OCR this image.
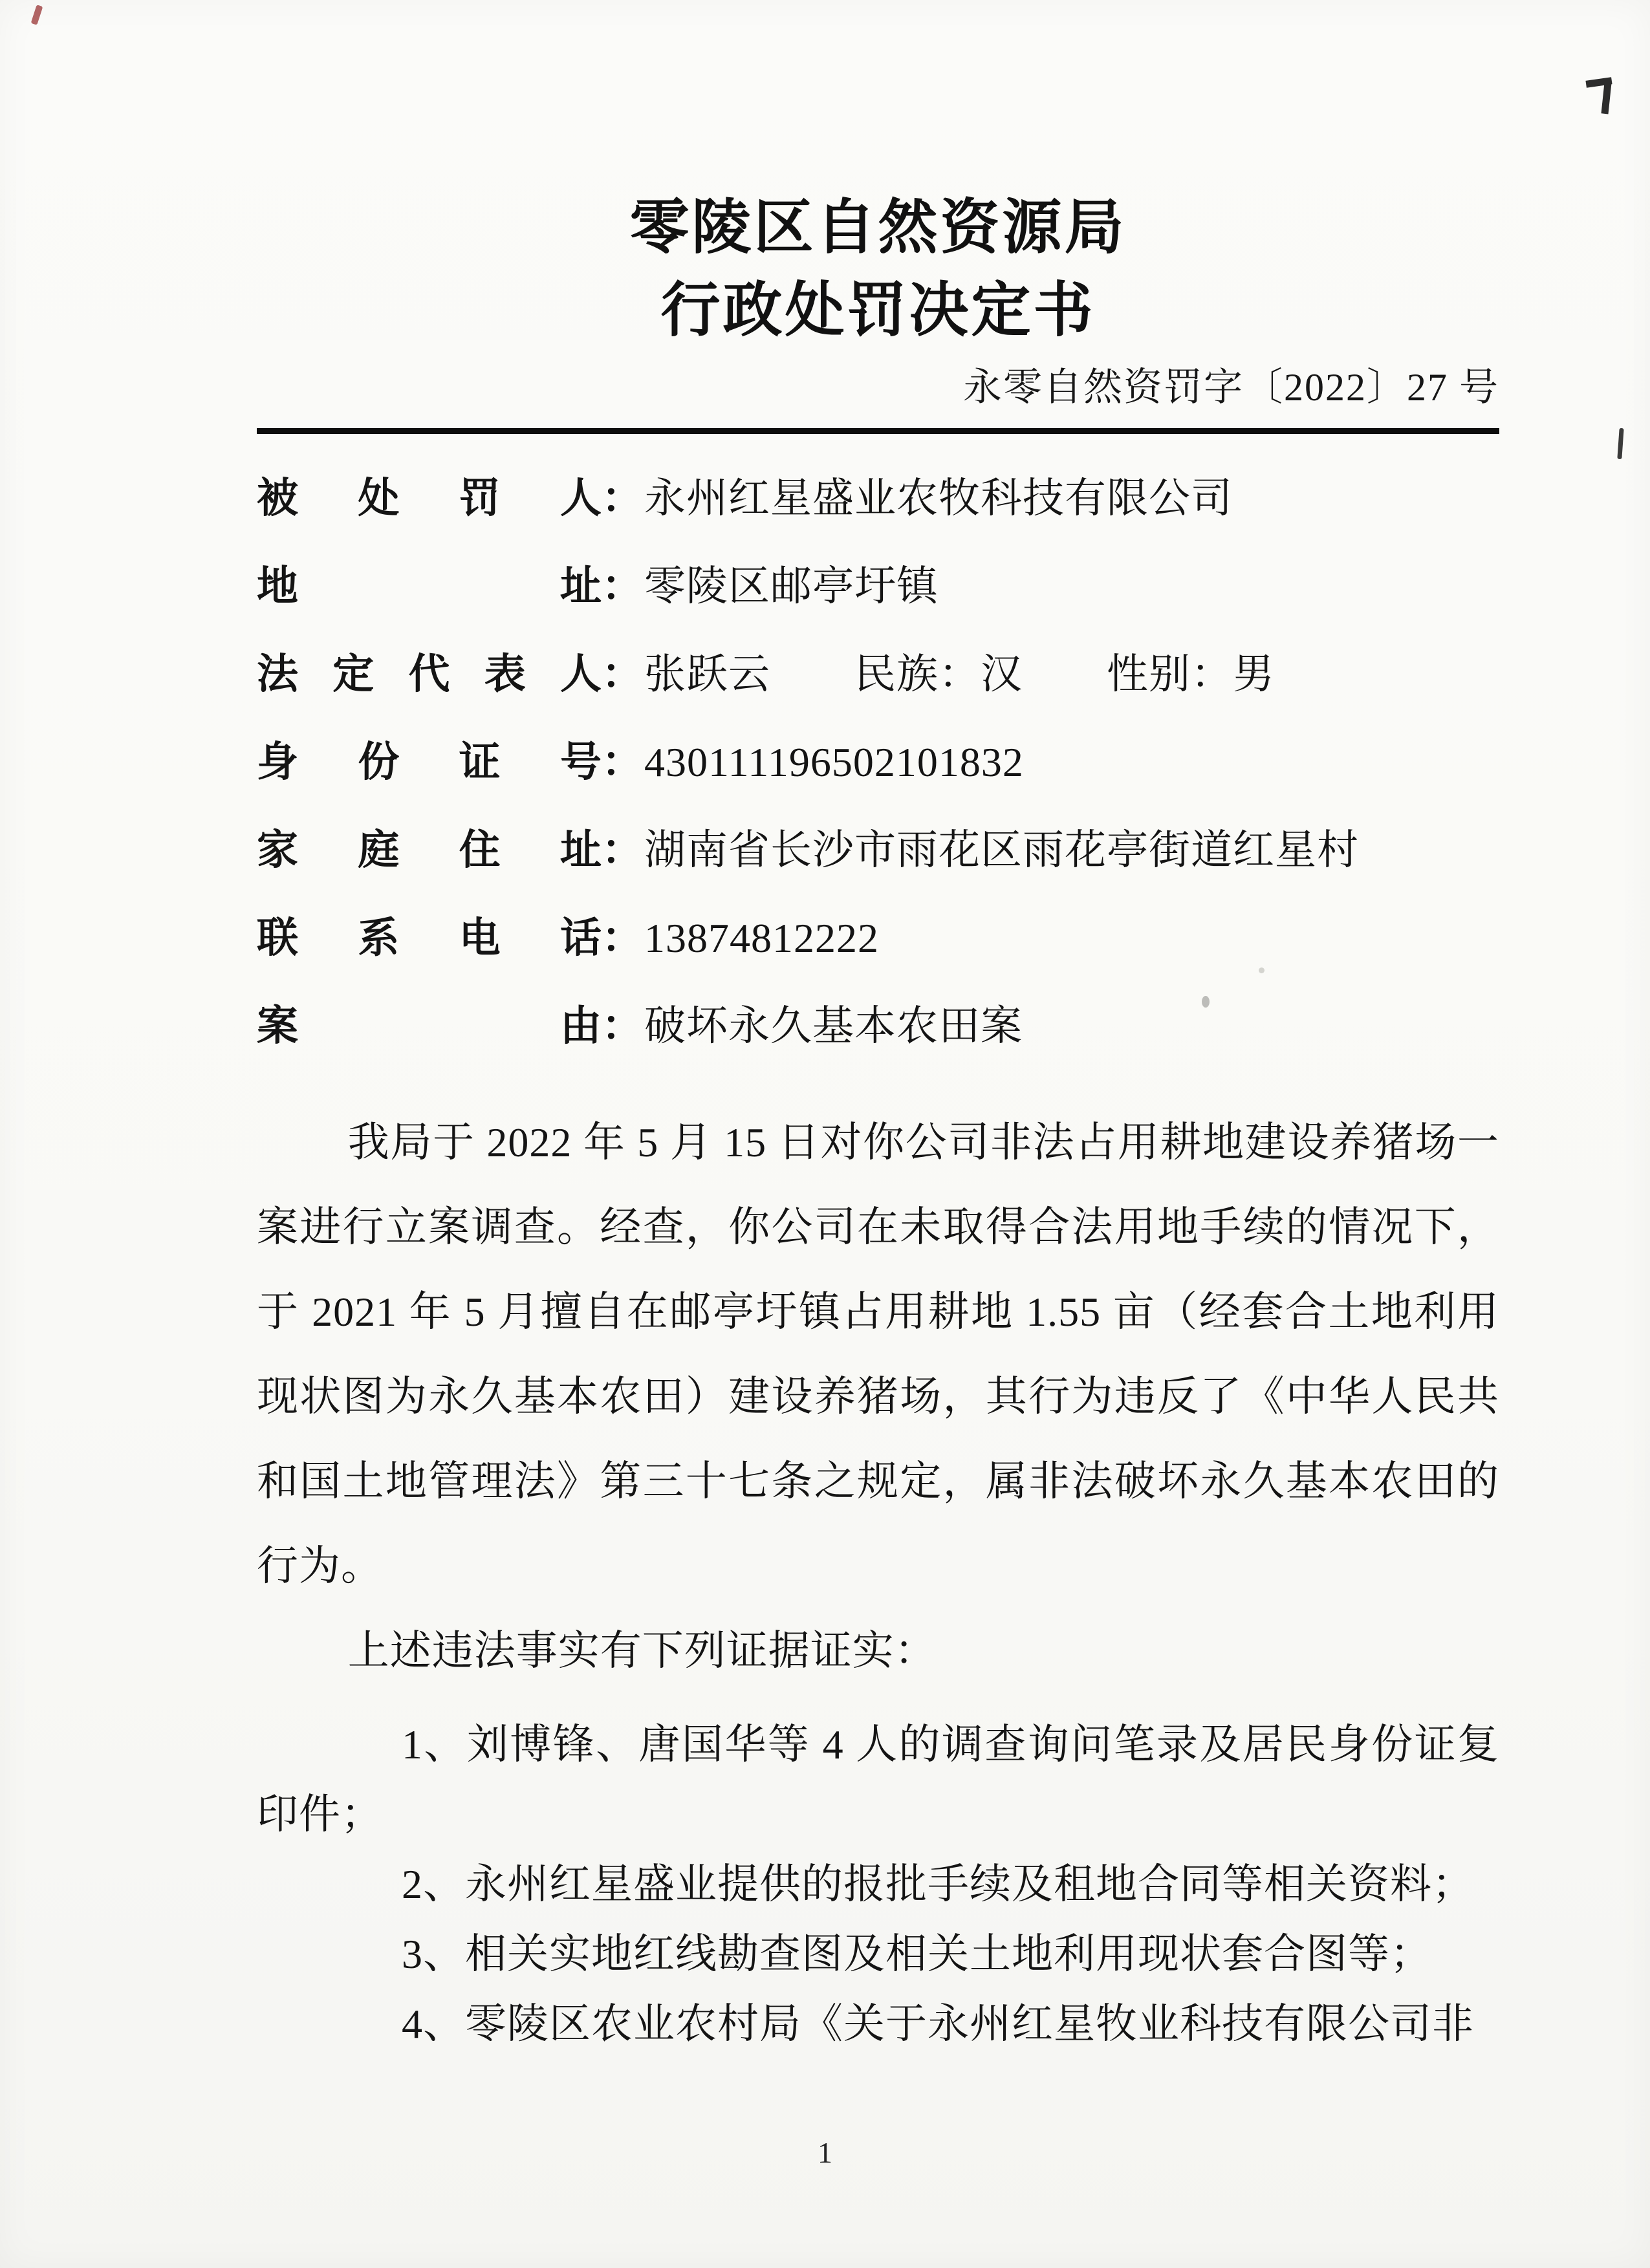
零陵区自然资源局
行政处罚决定书
永零自然资罚字〔2022〕27 号
被处罚人：永州红星盛业农牧科技有限公司
地址：零陵区邮亭圩镇
法定代表人：张跃云　　民族：汉　　性别：男
身份证号：430111196502101832
家庭住址：湖南省长沙市雨花区雨花亭街道红星村
联系电话：13874812222
案由：破坏永久基本农田案

我局于 2022 年 5 月 15 日对你公司非法占用耕地建设养猪场一案进行立案调查。经查，你公司在未取得合法用地手续的情况下，于 2021 年 5 月擅自在邮亭圩镇占用耕地 1.55 亩（经套合土地利用现状图为永久基本农田）建设养猪场，其行为违反了《中华人民共和国土地管理法》第三十七条之规定，属非法破坏永久基本农田的行为。

上述违法事实有下列证据证实：

1、刘博锋、唐国华等 4 人的调查询问笔录及居民身份证复印件；

2、永州红星盛业提供的报批手续及租地合同等相关资料；

3、相关实地红线勘查图及相关土地利用现状套合图等；

4、零陵区农业农村局《关于永州红星牧业科技有限公司非

1
